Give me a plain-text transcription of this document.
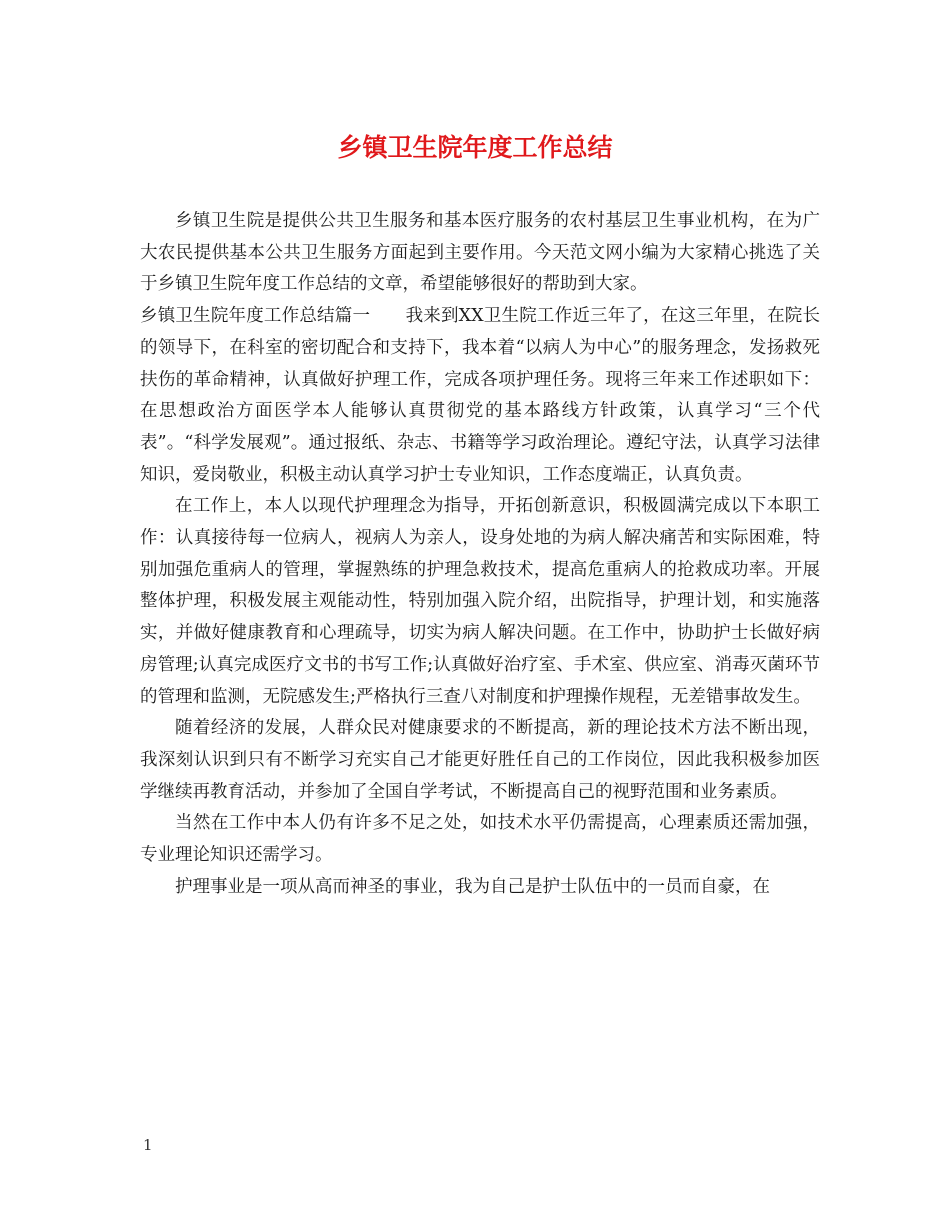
乡镇卫生院年度工作总结

乡镇卫生院是提供公共卫生服务和基本医疗服务的农村基层卫生事业机构，在为广大农民提供基本公共卫生服务方面起到主要作用。今天范文网小编为大家精心挑选了关于乡镇卫生院年度工作总结的文章，希望能够很好的帮助到大家。

乡镇卫生院年度工作总结篇一　　我来到XX卫生院工作近三年了，在这三年里，在院长的领导下，在科室的密切配合和支持下，我本着“以病人为中心”的服务理念，发扬救死扶伤的革命精神，认真做好护理工作，完成各项护理任务。现将三年来工作述职如下：在思想政治方面医学本人能够认真贯彻党的基本路线方针政策，认真学习“三个代表”。“科学发展观”。通过报纸、杂志、书籍等学习政治理论。遵纪守法，认真学习法律知识，爱岗敬业，积极主动认真学习护士专业知识，工作态度端正，认真负责。

在工作上，本人以现代护理理念为指导，开拓创新意识，积极圆满完成以下本职工作：认真接待每一位病人，视病人为亲人，设身处地的为病人解决痛苦和实际困难，特别加强危重病人的管理，掌握熟练的护理急救技术，提高危重病人的抢救成功率。开展整体护理，积极发展主观能动性，特别加强入院介绍，出院指导，护理计划，和实施落实，并做好健康教育和心理疏导，切实为病人解决问题。在工作中，协助护士长做好病房管理;认真完成医疗文书的书写工作;认真做好治疗室、手术室、供应室、消毒灭菌环节的管理和监测，无院感发生;严格执行三查八对制度和护理操作规程，无差错事故发生。

随着经济的发展，人群众民对健康要求的不断提高，新的理论技术方法不断出现，我深刻认识到只有不断学习充实自己才能更好胜任自己的工作岗位，因此我积极参加医学继续再教育活动，并参加了全国自学考试，不断提高自己的视野范围和业务素质。

当然在工作中本人仍有许多不足之处，如技术水平仍需提高，心理素质还需加强，专业理论知识还需学习。

护理事业是一项从高而神圣的事业，我为自己是护士队伍中的一员而自豪，在

1
